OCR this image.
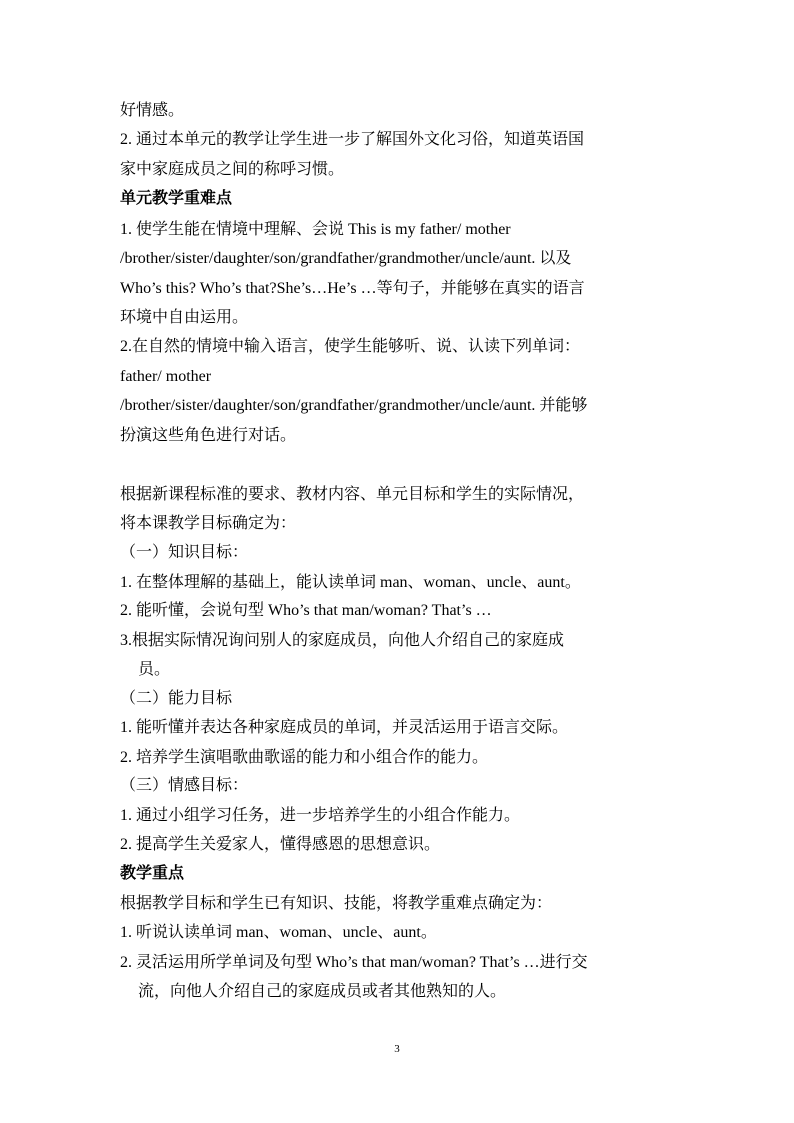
好情感。
2. 通过本单元的教学让学生进一步了解国外文化习俗，知道英语国
家中家庭成员之间的称呼习惯。
单元教学重难点
1. 使学生能在情境中理解、会说 This is my father/ mother
/brother/sister/daughter/son/grandfather/grandmother/uncle/aunt. 以及
Who’s this? Who’s that?She’s…He’s …等句子，并能够在真实的语言
环境中自由运用。
2.在自然的情境中输入语言，使学生能够听、说、认读下列单词：
father/ mother
/brother/sister/daughter/son/grandfather/grandmother/uncle/aunt. 并能够
扮演这些角色进行对话。
根据新课程标准的要求、教材内容、单元目标和学生的实际情况，
将本课教学目标确定为：
（一）知识目标：
1. 在整体理解的基础上，能认读单词 man、woman、uncle、aunt。
2. 能听懂，会说句型 Who’s that man/woman? That’s …
3.根据实际情况询问别人的家庭成员，向他人介绍自己的家庭成
员。
（二）能力目标
1. 能听懂并表达各种家庭成员的单词，并灵活运用于语言交际。
2. 培养学生演唱歌曲歌谣的能力和小组合作的能力。
（三）情感目标：
1. 通过小组学习任务，进一步培养学生的小组合作能力。
2. 提高学生关爱家人，懂得感恩的思想意识。
教学重点
根据教学目标和学生已有知识、技能，将教学重难点确定为：
1. 听说认读单词 man、woman、uncle、aunt。
2. 灵活运用所学单词及句型 Who’s that man/woman? That’s …进行交
流，向他人介绍自己的家庭成员或者其他熟知的人。
3
